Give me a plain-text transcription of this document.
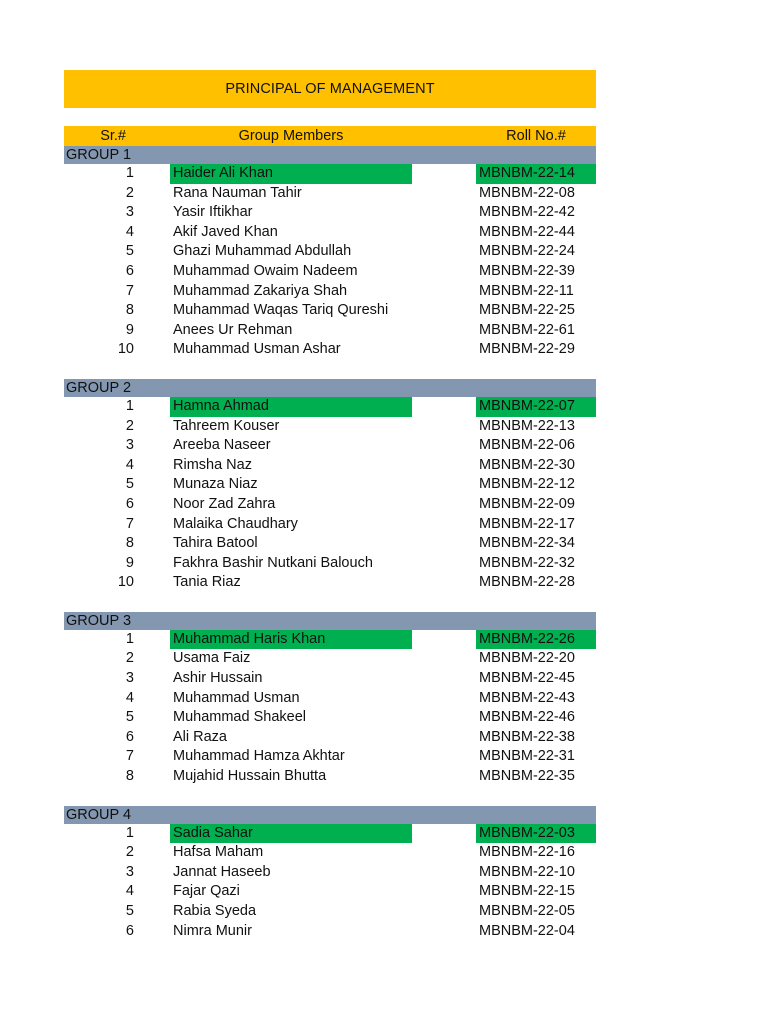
PRINCIPAL OF MANAGEMENT
Sr.#	Group Members	Roll No.#
GROUP 1
1	Haider Ali Khan	MBNBM-22-14
2	Rana Nauman Tahir	MBNBM-22-08
3	Yasir Iftikhar	MBNBM-22-42
4	Akif Javed Khan	MBNBM-22-44
5	Ghazi Muhammad Abdullah	MBNBM-22-24
6	Muhammad Owaim Nadeem	MBNBM-22-39
7	Muhammad Zakariya Shah	MBNBM-22-11
8	Muhammad Waqas Tariq Qureshi	MBNBM-22-25
9	Anees Ur Rehman	MBNBM-22-61
10	Muhammad Usman Ashar	MBNBM-22-29
GROUP 2
1	Hamna Ahmad	MBNBM-22-07
2	Tahreem Kouser	MBNBM-22-13
3	Areeba Naseer	MBNBM-22-06
4	Rimsha Naz	MBNBM-22-30
5	Munaza Niaz	MBNBM-22-12
6	Noor Zad Zahra	MBNBM-22-09
7	Malaika Chaudhary	MBNBM-22-17
8	Tahira Batool	MBNBM-22-34
9	Fakhra Bashir Nutkani Balouch	MBNBM-22-32
10	Tania Riaz	MBNBM-22-28
GROUP 3
1	Muhammad Haris Khan	MBNBM-22-26
2	Usama Faiz	MBNBM-22-20
3	Ashir Hussain	MBNBM-22-45
4	Muhammad Usman	MBNBM-22-43
5	Muhammad Shakeel	MBNBM-22-46
6	Ali Raza	MBNBM-22-38
7	Muhammad Hamza Akhtar	MBNBM-22-31
8	Mujahid Hussain Bhutta	MBNBM-22-35
GROUP 4
1	Sadia Sahar	MBNBM-22-03
2	Hafsa Maham	MBNBM-22-16
3	Jannat Haseeb	MBNBM-22-10
4	Fajar Qazi	MBNBM-22-15
5	Rabia Syeda	MBNBM-22-05
6	Nimra Munir	MBNBM-22-04
